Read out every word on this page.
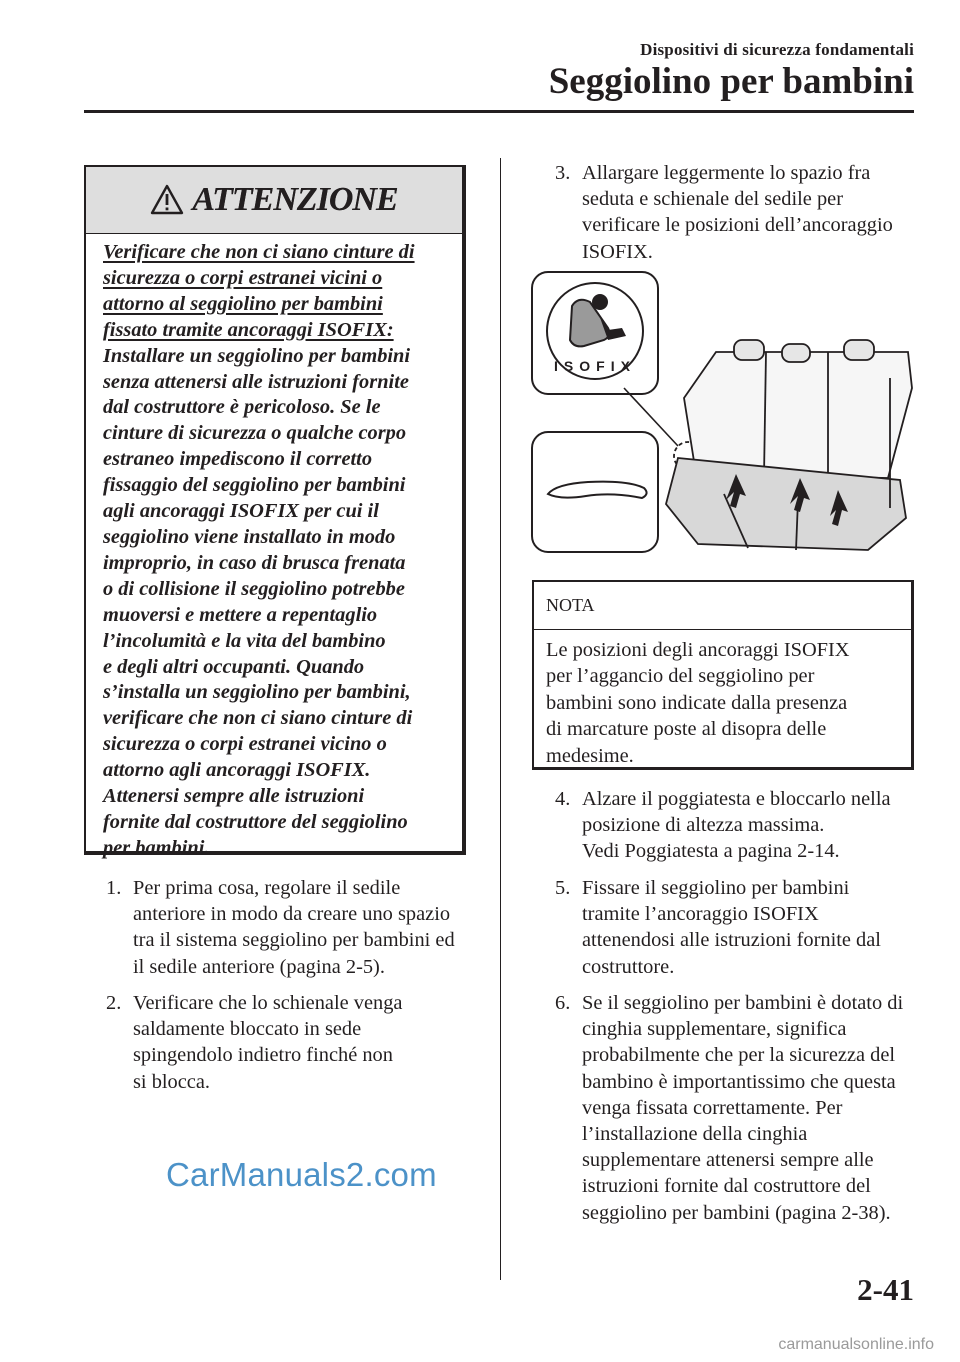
Dispositivi di sicurezza fondamentali
Seggiolino per bambini
ATTENZIONE
Verificare che non ci siano cinture di
sicurezza o corpi estranei vicini o
attorno al seggiolino per bambini
fissato tramite ancoraggi ISOFIX:
Installare un seggiolino per bambini
senza attenersi alle istruzioni fornite
dal costruttore è pericoloso. Se le
cinture di sicurezza o qualche corpo
estraneo impediscono il corretto
fissaggio del seggiolino per bambini
agli ancoraggi ISOFIX per cui il
seggiolino viene installato in modo
improprio, in caso di brusca frenata
o di collisione il seggiolino potrebbe
muoversi e mettere a repentaglio
l’incolumità e la vita del bambino
e degli altri occupanti. Quando
s’installa un seggiolino per bambini,
verificare che non ci siano cinture di
sicurezza o corpi estranei vicino o
attorno agli ancoraggi ISOFIX.
Attenersi sempre alle istruzioni
fornite dal costruttore del seggiolino
per bambini.
1. Per prima cosa, regolare il sedile
anteriore in modo da creare uno spazio
tra il sistema seggiolino per bambini ed
il sedile anteriore (pagina 2-5).
2. Verificare che lo schienale venga
saldamente bloccato in sede
spingendolo indietro finché non
si blocca.
3. Allargare leggermente lo spazio fra
seduta e schienale del sedile per
verificare le posizioni dell’ancoraggio
ISOFIX.
ISOFIX
NOTA
Le posizioni degli ancoraggi ISOFIX
per l’aggancio del seggiolino per
bambini sono indicate dalla presenza
di marcature poste al disopra delle
medesime.
4. Alzare il poggiatesta e bloccarlo nella
posizione di altezza massima.
Vedi Poggiatesta a pagina 2-14.
5. Fissare il seggiolino per bambini
tramite l’ancoraggio ISOFIX
attenendosi alle istruzioni fornite dal
costruttore.
6. Se il seggiolino per bambini è dotato di
cinghia supplementare, significa
probabilmente che per la sicurezza del
bambino è importantissimo che questa
venga fissata correttamente. Per
l’installazione della cinghia
supplementare attenersi sempre alle
istruzioni fornite dal costruttore del
seggiolino per bambini (pagina 2-38).
CarManuals2.com
2-41
carmanualsonline.info
